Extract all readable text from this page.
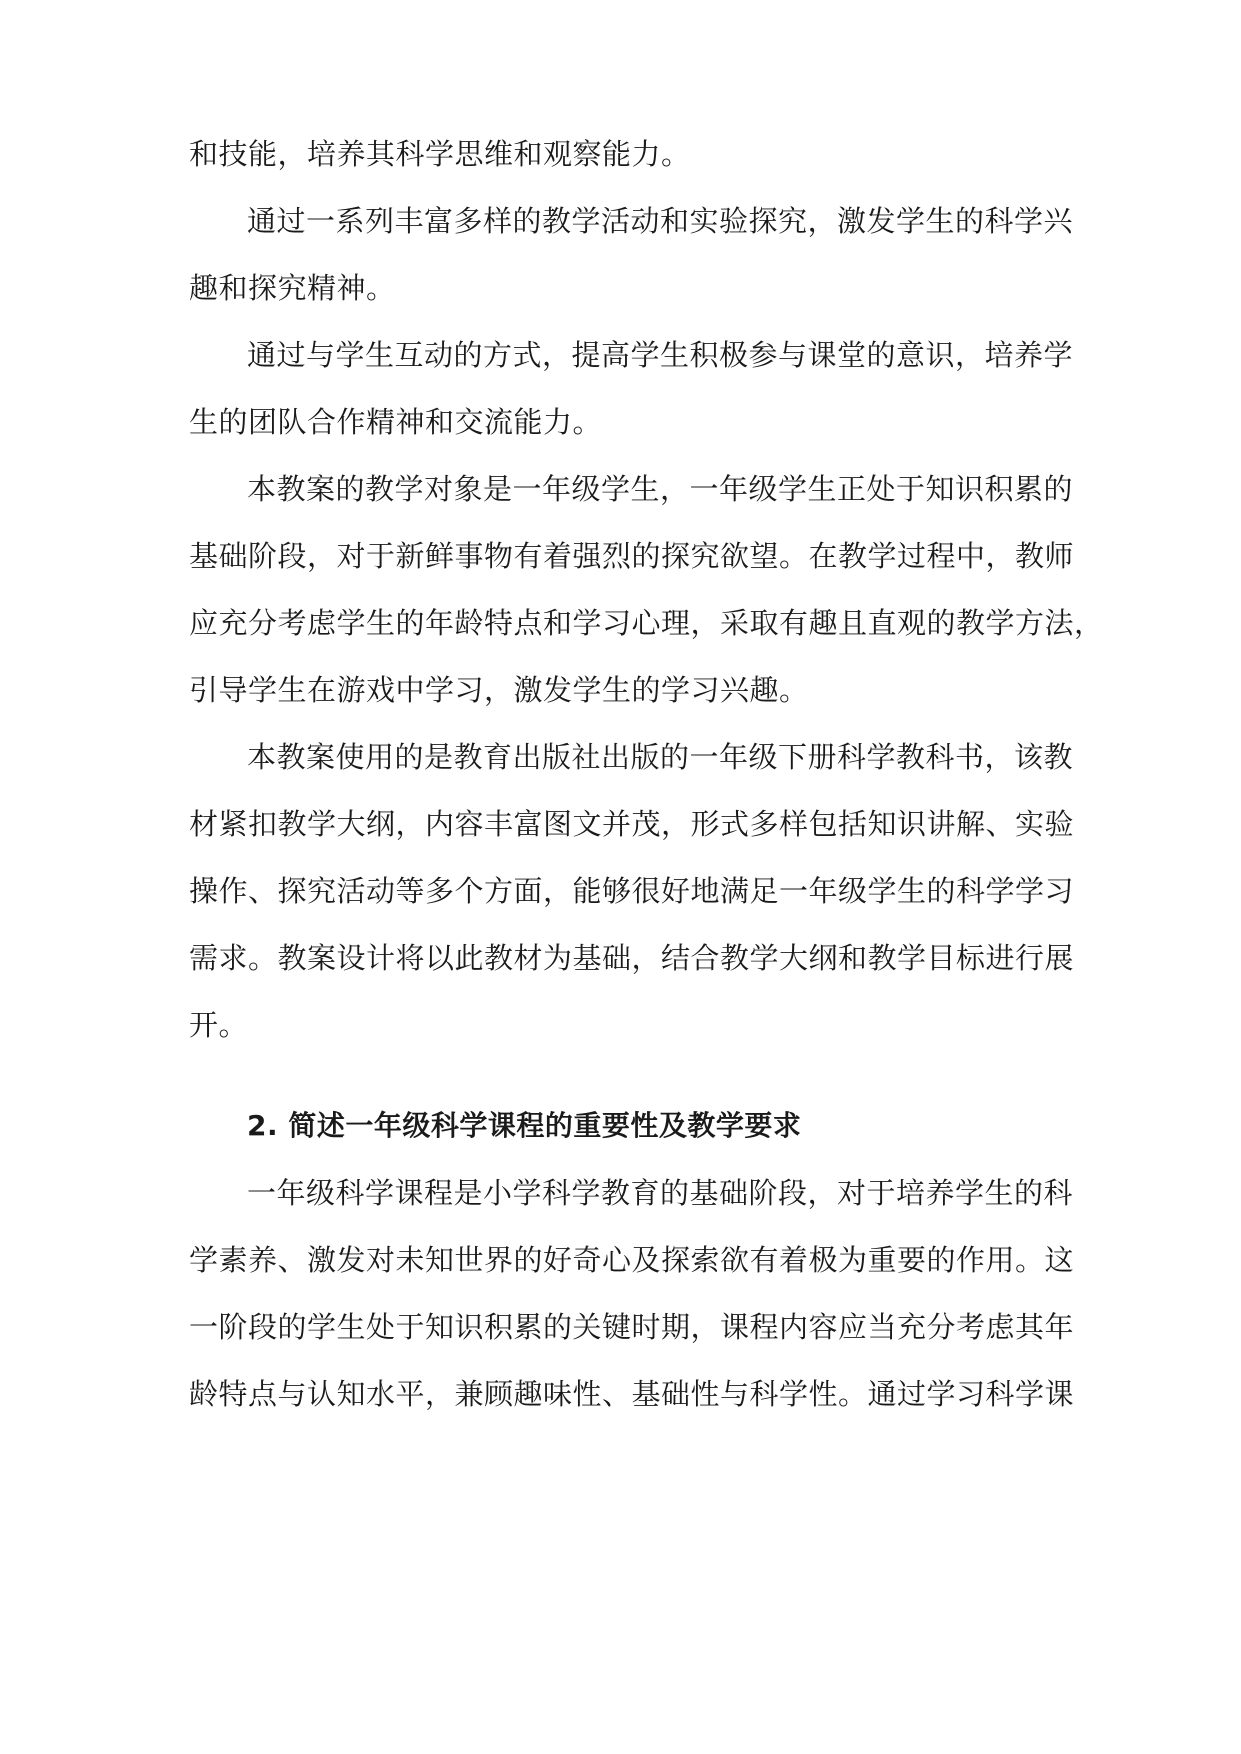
和技能，培养其科学思维和观察能力。
通过一系列丰富多样的教学活动和实验探究，激发学生的科学兴
趣和探究精神。
通过与学生互动的方式，提高学生积极参与课堂的意识，培养学
生的团队合作精神和交流能力。
本教案的教学对象是一年级学生，一年级学生正处于知识积累的
基础阶段，对于新鲜事物有着强烈的探究欲望。在教学过程中，教师
应充分考虑学生的年龄特点和学习心理，采取有趣且直观的教学方法，
引导学生在游戏中学习，激发学生的学习兴趣。
本教案使用的是教育出版社出版的一年级下册科学教科书，该教
材紧扣教学大纲，内容丰富图文并茂，形式多样包括知识讲解、实验
操作、探究活动等多个方面，能够很好地满足一年级学生的科学学习
需求。教案设计将以此教材为基础，结合教学大纲和教学目标进行展
开。
2. 简述一年级科学课程的重要性及教学要求
一年级科学课程是小学科学教育的基础阶段，对于培养学生的科
学素养、激发对未知世界的好奇心及探索欲有着极为重要的作用。这
一阶段的学生处于知识积累的关键时期，课程内容应当充分考虑其年
龄特点与认知水平，兼顾趣味性、基础性与科学性。通过学习科学课
